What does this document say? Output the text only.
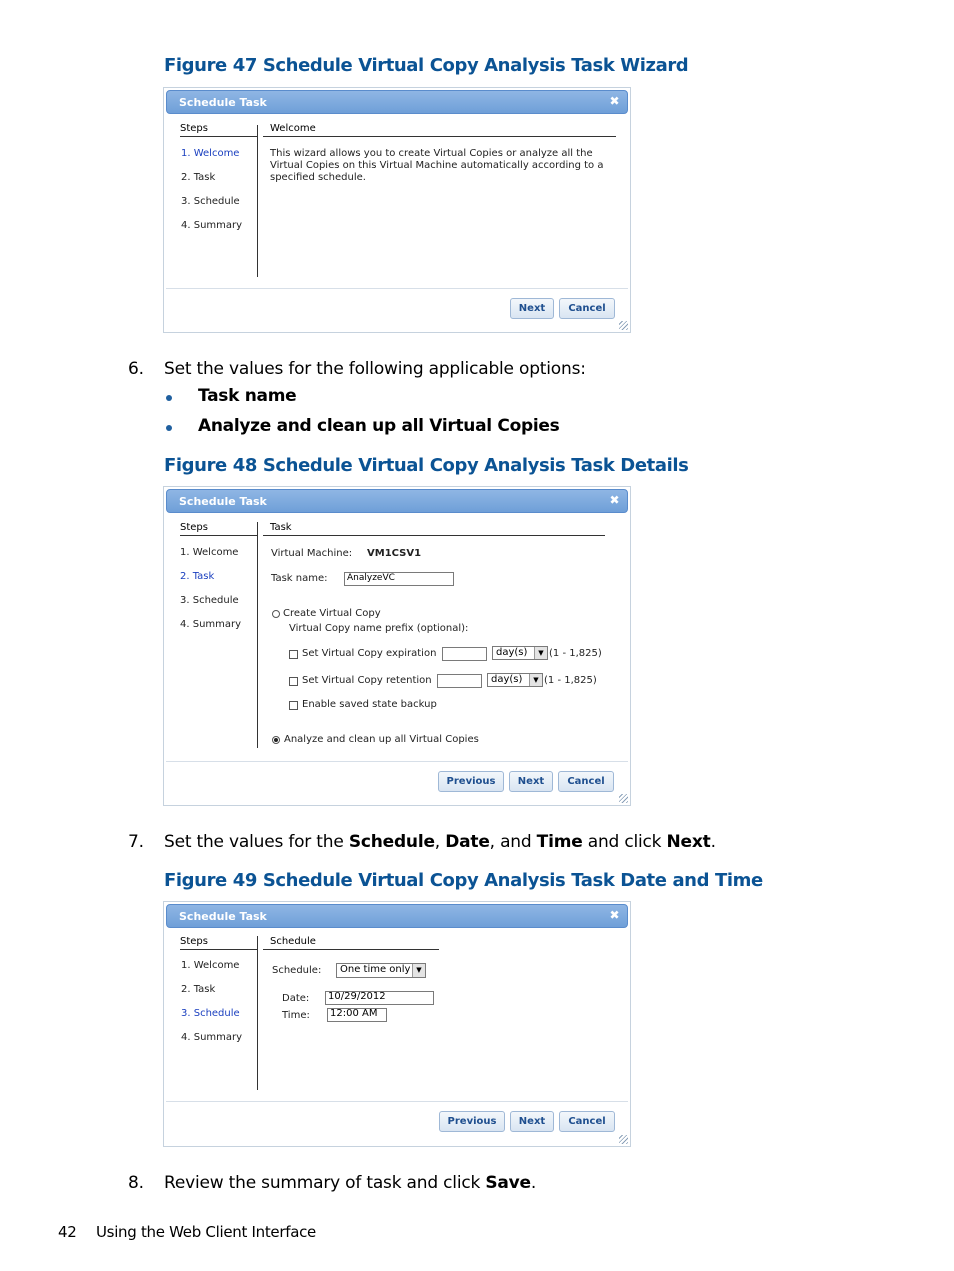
Figure 47 Schedule Virtual Copy Analysis Task Wizard
Schedule Task	✖
Steps
1. Welcome
2. Task
3. Schedule
4. Summary
Welcome
This wizard allows you to create Virtual Copies or analyze all the
Virtual Copies on this Virtual Machine automatically according to a
specified schedule.
Next	Cancel
6. Set the values for the following applicable options:
Task name
Analyze and clean up all Virtual Copies
Figure 48 Schedule Virtual Copy Analysis Task Details
Schedule Task	✖
Steps
1. Welcome
2. Task
3. Schedule
4. Summary
Task
Virtual Machine: VM1CSV1
Task name:	AnalyzeVC
Create Virtual Copy
Virtual Copy name prefix (optional):
Set Virtual Copy expiration	day(s)	▼ (1 - 1,825)
Set Virtual Copy retention	day(s)	▼ (1 - 1,825)
Enable saved state backup
Analyze and clean up all Virtual Copies
Previous	Next	Cancel
7. Set the values for the Schedule, Date, and Time and click Next.
Figure 49 Schedule Virtual Copy Analysis Task Date and Time
Schedule Task	✖
Steps
1. Welcome
2. Task
3. Schedule
4. Summary
Schedule
Schedule:	One time only ▼
Date:	10/29/2012
Time:	12:00 AM
Previous	Next	Cancel
8. Review the summary of task and click Save.
42 Using the Web Client Interface
